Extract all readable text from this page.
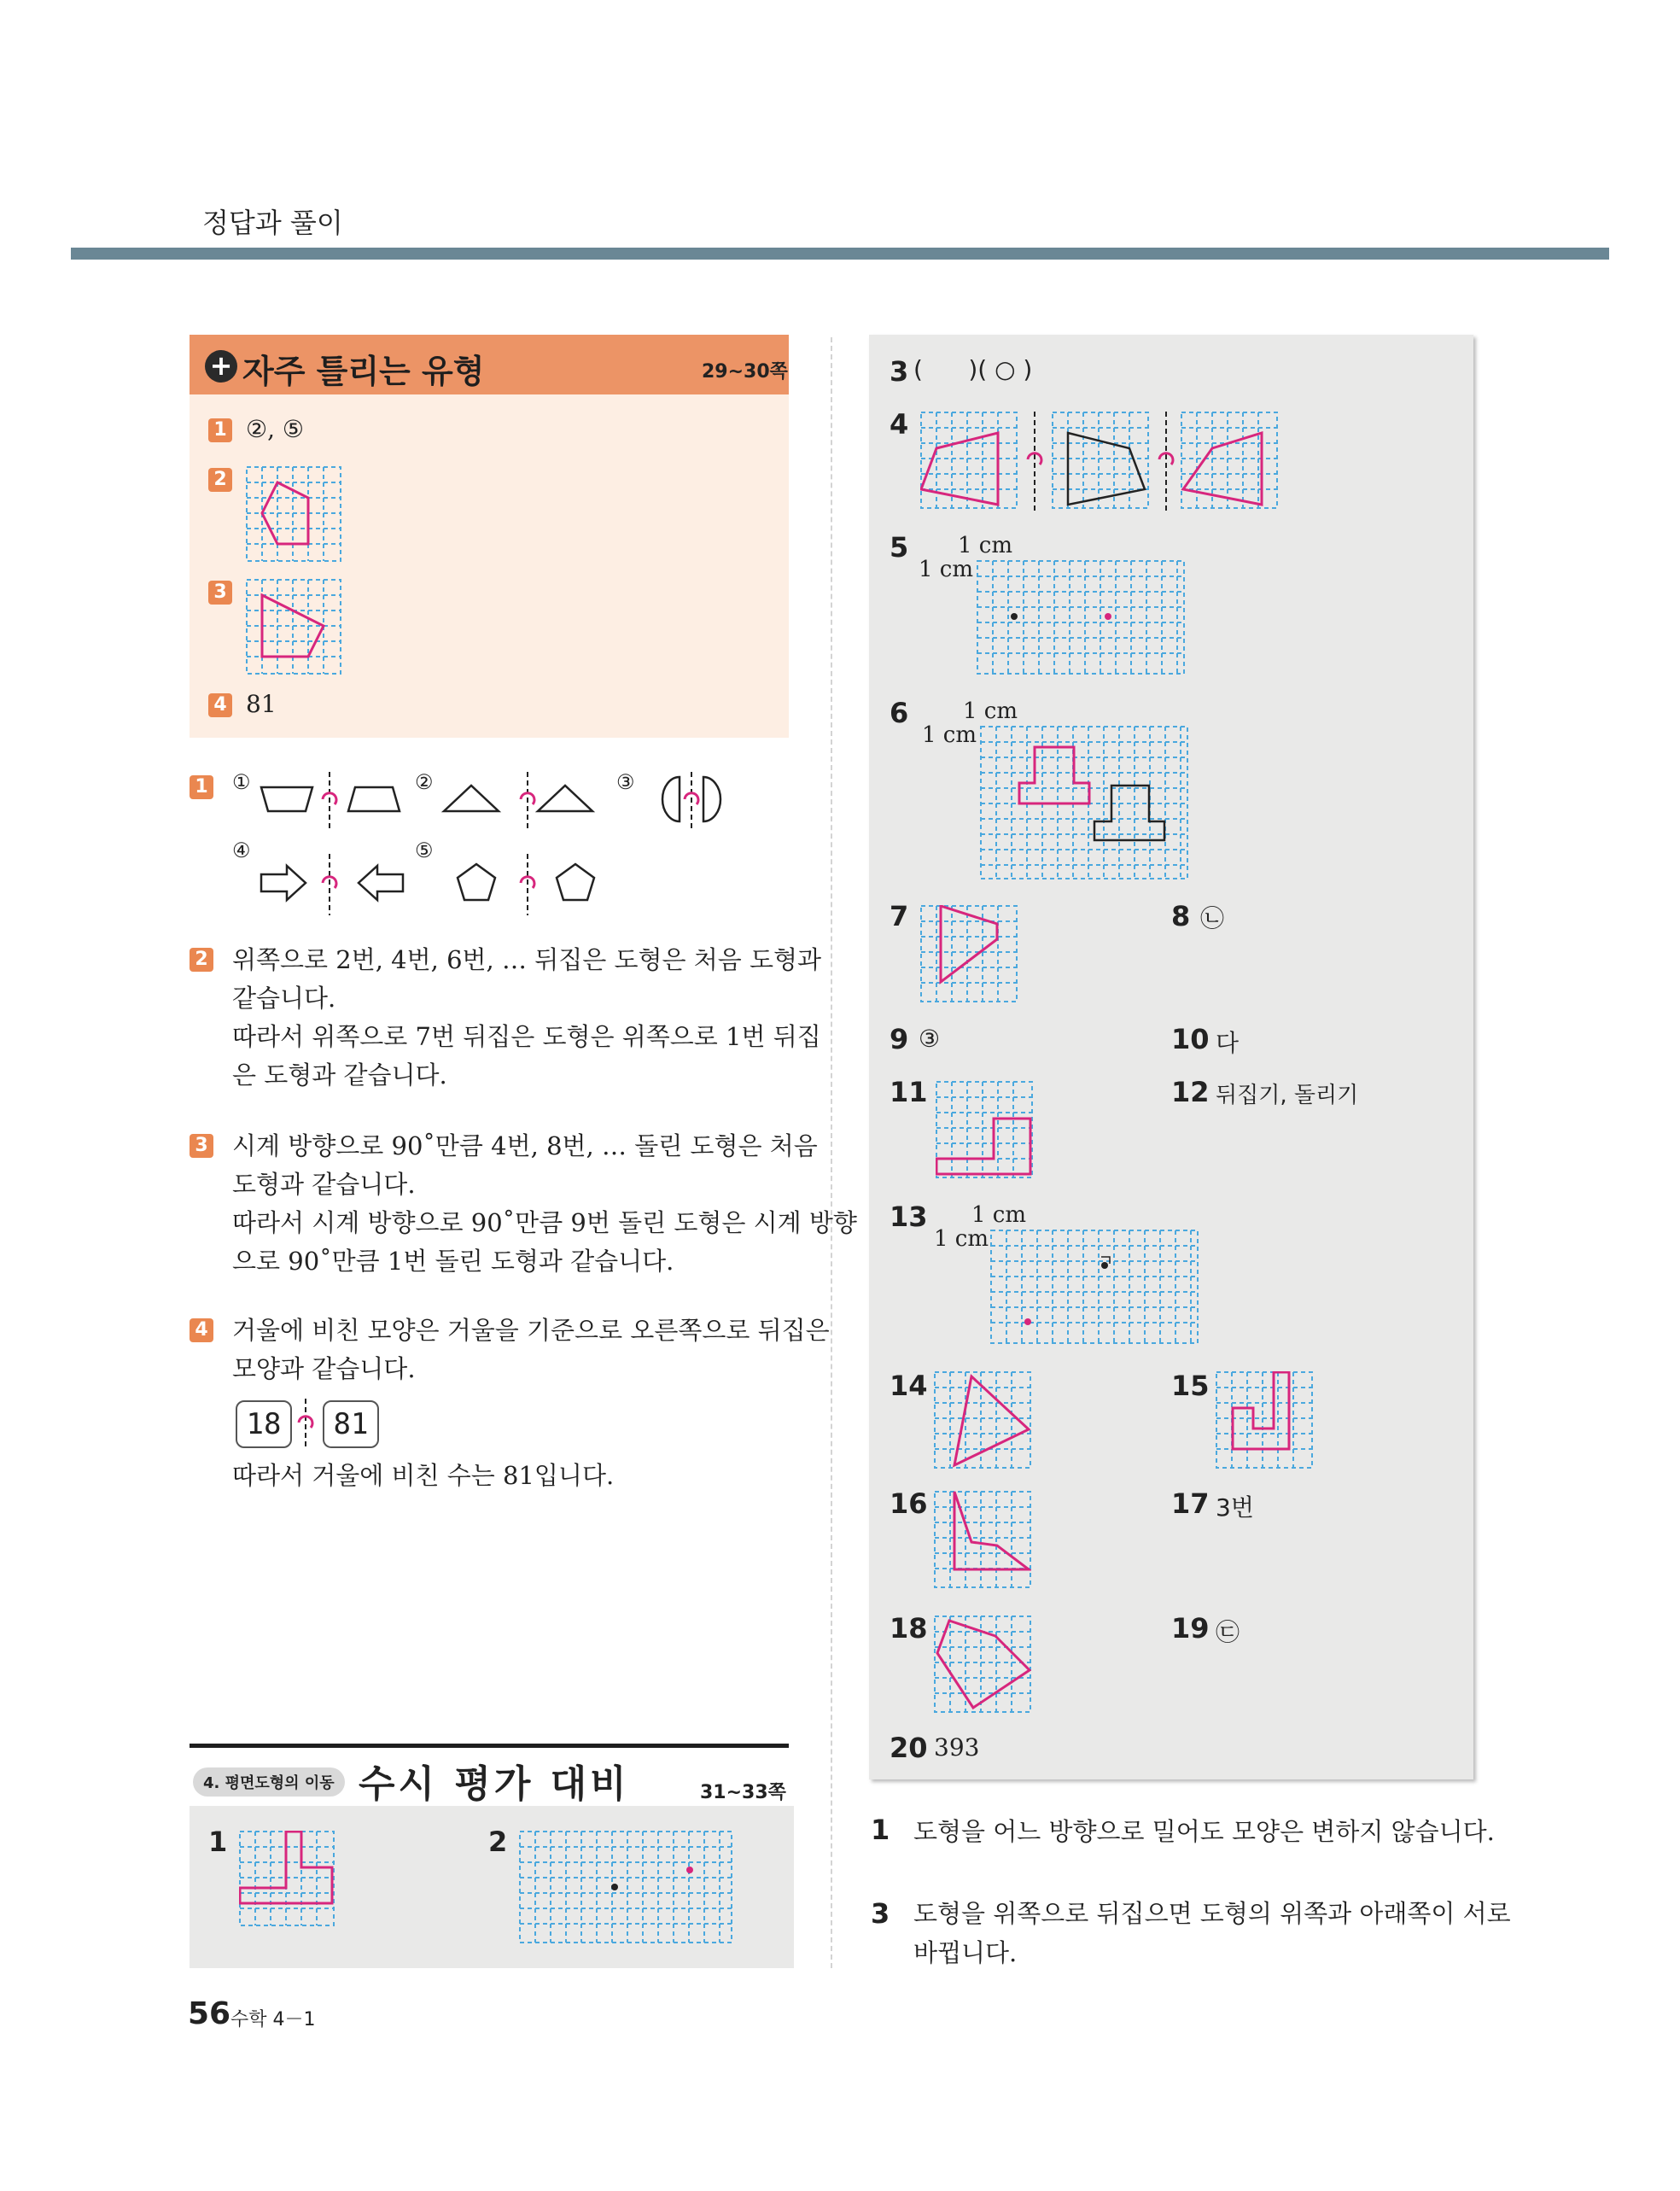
정답과 풀이
+ 자주 틀리는 유형	29~30쪽
1 ②, ⑤
2
3
4 81
1 ①	②	③
④	⑤
2 위쪽으로 2번, 4번, 6번, … 뒤집은 도형은 처음 도형과
같습니다.
따라서 위쪽으로 7번 뒤집은 도형은 위쪽으로 1번 뒤집
은 도형과 같습니다.
3 시계 방향으로 90˚만큼 4번, 8번, … 돌린 도형은 처음
도형과 같습니다.
따라서 시계 방향으로 90˚만큼 9번 돌린 도형은 시계 방향
으로 90˚만큼 1번 돌린 도형과 같습니다.
4 거울에 비친 모양은 거울을 기준으로 오른쪽으로 뒤집은
모양과 같습니다.
18	81
따라서 거울에 비친 수는 81입니다.
4. 평면도형의 이동 수시 평가 대비	31~33쪽
1	2
3 (      )( ○ )
4
5 1 cm
1 cm
6 1 cm
1 cm
7	8 ㉡
9 ③	10 다
11	12 뒤집기, 돌리기
13 1 cm
1 cm
14	15
16	17 3번
18	19 ㉢
20 393
1 도형을 어느 방향으로 밀어도 모양은 변하지 않습니다.
3 도형을 위쪽으로 뒤집으면 도형의 위쪽과 아래쪽이 서로
바뀝니다.
56 수학 4－1
